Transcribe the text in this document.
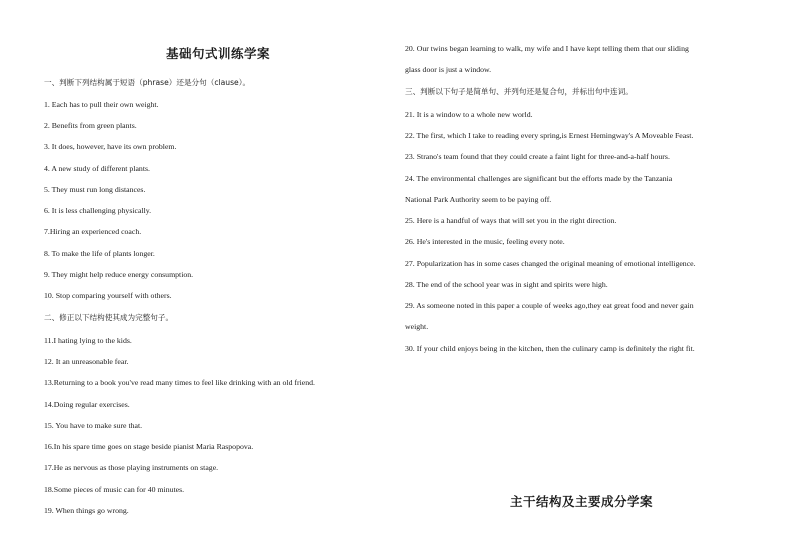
基础句式训练学案
一、判断下列结构属于短语（phrase）还是分句（clause）。
1. Each has to pull their own weight.
2. Benefits from green plants.
3. It does, however, have its own problem.
4. A new study of different plants.
5. They must run long distances.
6. It is less challenging physically.
7.Hiring an experienced coach.
8. To make the life of plants longer.
9. They might help reduce energy consumption.
10. Stop comparing yourself with others.
二、修正以下结构使其成为完整句子。
11.I hating lying to the kids.
12. It an unreasonable fear.
13.Returning to a book you've read many times to feel like drinking with an old friend.
14.Doing regular exercises.
15. You have to make sure that.
16.In his spare time goes on stage beside pianist Maria Raspopova.
17.He as nervous as those playing instruments on stage.
18.Some pieces of music can for 40 minutes.
19. When things go wrong.
20. Our twins began learning to walk, my wife and I have kept telling them that our sliding
glass door is just a window.
三、判断以下句子是简单句、并列句还是复合句，并标出句中连词。
21. It is a window to a whole new world.
22. The first, which I take to reading every spring,is Ernest Hemingway's A Moveable Feast.
23. Strano's team found that they could create a faint light for three-and-a-half hours.
24. The environmental challenges are significant but the efforts made by the Tanzania
National Park Authority seem to be paying off.
25. Here is a handful of ways that will set you in the right direction.
26. He's interested in the music, feeling every note.
27. Popularization has in some cases changed the original meaning of emotional intelligence.
28. The end of the school year was in sight and spirits were high.
29. As someone noted in this paper a couple of weeks ago,they eat great food and never gain
weight.
30. If your child enjoys being in the kitchen, then the culinary camp is definitely the right fit.
主干结构及主要成分学案
